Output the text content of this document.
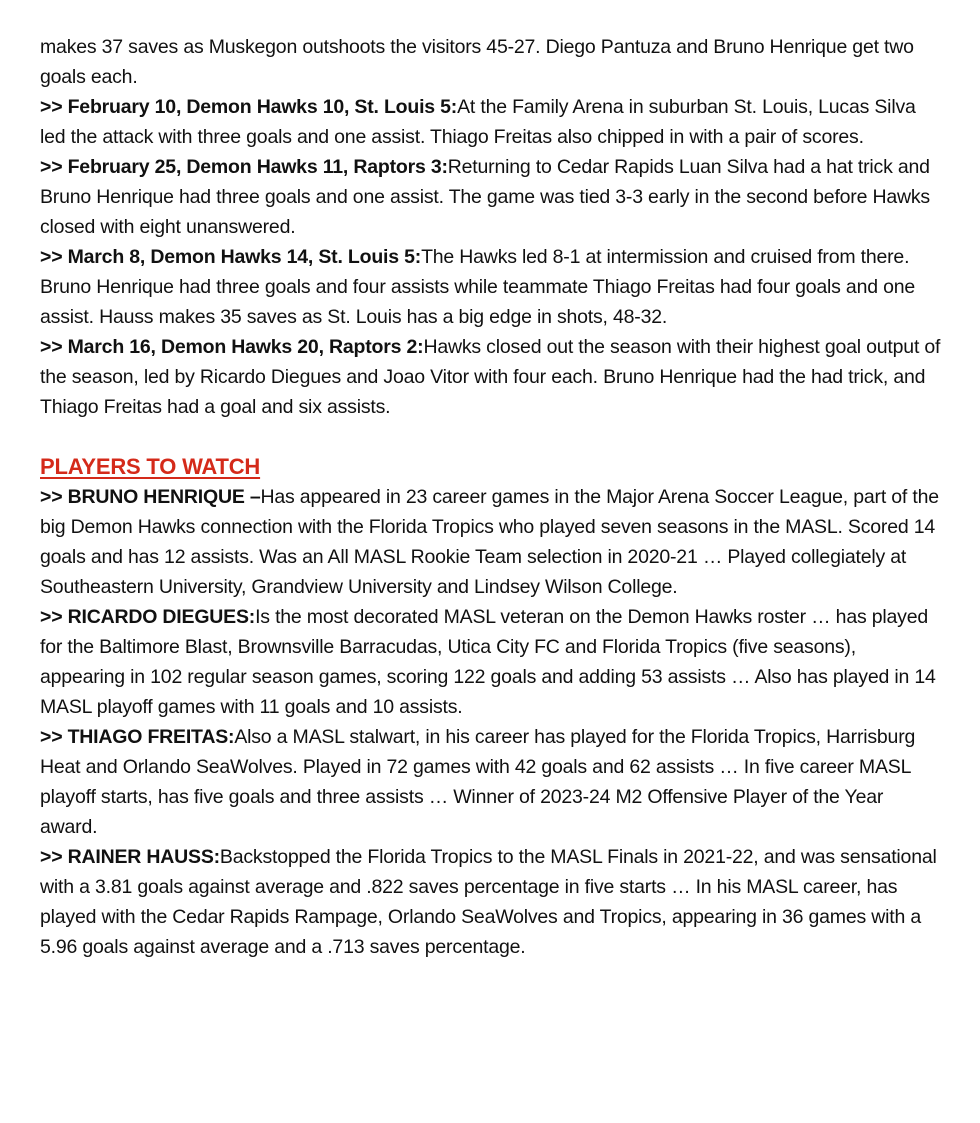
makes 37 saves as Muskegon outshoots the visitors 45-27. Diego Pantuza and Bruno Henrique get two goals each.

>> February 10, Demon Hawks 10, St. Louis 5:At the Family Arena in suburban St. Louis, Lucas Silva led the attack with three goals and one assist. Thiago Freitas also chipped in with a pair of scores.

>> February 25, Demon Hawks 11, Raptors 3:Returning to Cedar Rapids Luan Silva had a hat trick and Bruno Henrique had three goals and one assist. The game was tied 3-3 early in the second before Hawks closed with eight unanswered.

>> March 8, Demon Hawks 14, St. Louis 5:The Hawks led 8-1 at intermission and cruised from there. Bruno Henrique had three goals and four assists while teammate Thiago Freitas had four goals and one assist. Hauss makes 35 saves as St. Louis has a big edge in shots, 48-32.

>> March 16, Demon Hawks 20, Raptors 2:Hawks closed out the season with their highest goal output of the season, led by Ricardo Diegues and Joao Vitor with four each. Bruno Henrique had the had trick, and Thiago Freitas had a goal and six assists.

PLAYERS TO WATCH

>> BRUNO HENRIQUE –Has appeared in 23 career games in the Major Arena Soccer League, part of the big Demon Hawks connection with the Florida Tropics who played seven seasons in the MASL. Scored 14 goals and has 12 assists. Was an All MASL Rookie Team selection in 2020-21 … Played collegiately at Southeastern University, Grandview University and Lindsey Wilson College.

>> RICARDO DIEGUES:Is the most decorated MASL veteran on the Demon Hawks roster … has played for the Baltimore Blast, Brownsville Barracudas, Utica City FC and Florida Tropics (five seasons), appearing in 102 regular season games, scoring 122 goals and adding 53 assists … Also has played in 14 MASL playoff games with 11 goals and 10 assists.

>> THIAGO FREITAS:Also a MASL stalwart, in his career has played for the Florida Tropics, Harrisburg Heat and Orlando SeaWolves. Played in 72 games with 42 goals and 62 assists … In five career MASL playoff starts, has five goals and three assists … Winner of 2023-24 M2 Offensive Player of the Year award.

>> RAINER HAUSS:Backstopped the Florida Tropics to the MASL Finals in 2021-22, and was sensational with a 3.81 goals against average and .822 saves percentage in five starts … In his MASL career, has played with the Cedar Rapids Rampage, Orlando SeaWolves and Tropics, appearing in 36 games with a 5.96 goals against average and a .713 saves percentage.
